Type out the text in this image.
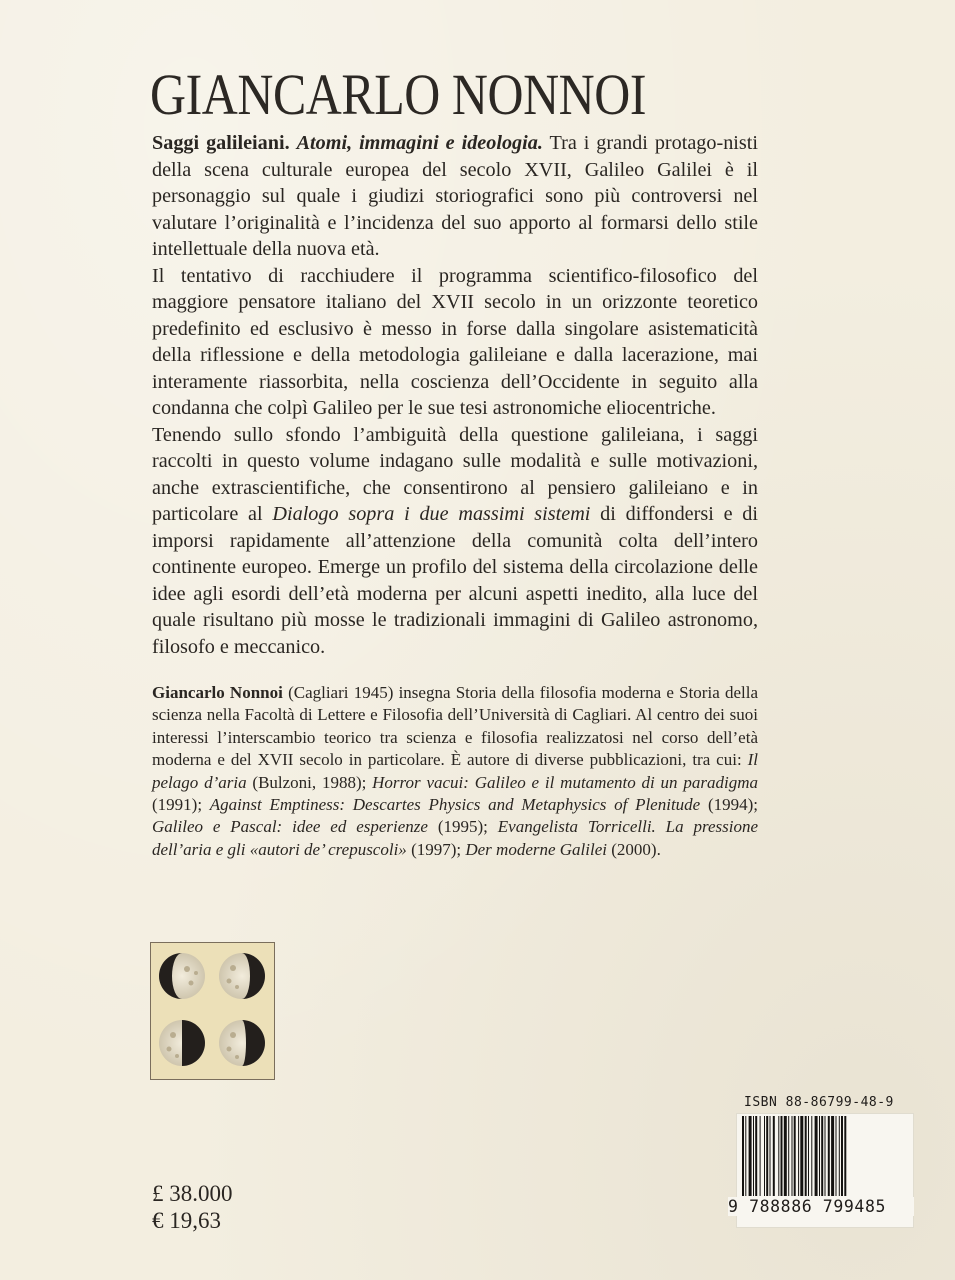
GIANCARLO NONNOI

Saggi galileiani. Atomi, immagini e ideologia. Tra i grandi protago-nisti della scena culturale europea del secolo XVII, Galileo Galilei è il personaggio sul quale i giudizi storiografici sono più controversi nel valutare l’originalità e l’incidenza del suo apporto al formarsi dello stile intellettuale della nuova età.

Il tentativo di racchiudere il programma scientifico-filosofico del maggiore pensatore italiano del XVII secolo in un orizzonte teoretico predefinito ed esclusivo è messo in forse dalla singolare asistematicità della riflessione e della metodologia galileiane e dalla lacerazione, mai interamente riassorbita, nella coscienza dell’Occidente in seguito alla condanna che colpì Galileo per le sue tesi astronomiche eliocentriche.

Tenendo sullo sfondo l’ambiguità della questione galileiana, i saggi raccolti in questo volume indagano sulle modalità e sulle motivazioni, anche extrascientifiche, che consentirono al pensiero galileiano e in particolare al Dialogo sopra i due massimi sistemi di diffondersi e di imporsi rapidamente all’attenzione della comunità colta dell’intero continente europeo. Emerge un profilo del sistema della circolazione delle idee agli esordi dell’età moderna per alcuni aspetti inedito, alla luce del quale risultano più mosse le tradizionali immagini di Galileo astronomo, filosofo e meccanico.

Giancarlo Nonnoi (Cagliari 1945) insegna Storia della filosofia moderna e Storia della scienza nella Facoltà di Lettere e Filosofia dell’Università di Cagliari. Al centro dei suoi interessi l’interscambio teorico tra scienza e filosofia realizzatosi nel corso dell’età moderna e del XVII secolo in particolare. È autore di diverse pubblicazioni, tra cui: Il pelago d’aria (Bulzoni, 1988); Horror vacui: Galileo e il mutamento di un paradigma (1991); Against Emptiness: Descartes Physics and Metaphysics of Plenitude (1994); Galileo e Pascal: idee ed esperienze (1995); Evangelista Torricelli. La pressione dell’aria e gli «autori de’ crepuscoli» (1997); Der moderne Galilei (2000).

£ 38.000
€ 19,63
ISBN 88-86799-48-9
9 788886 799485
